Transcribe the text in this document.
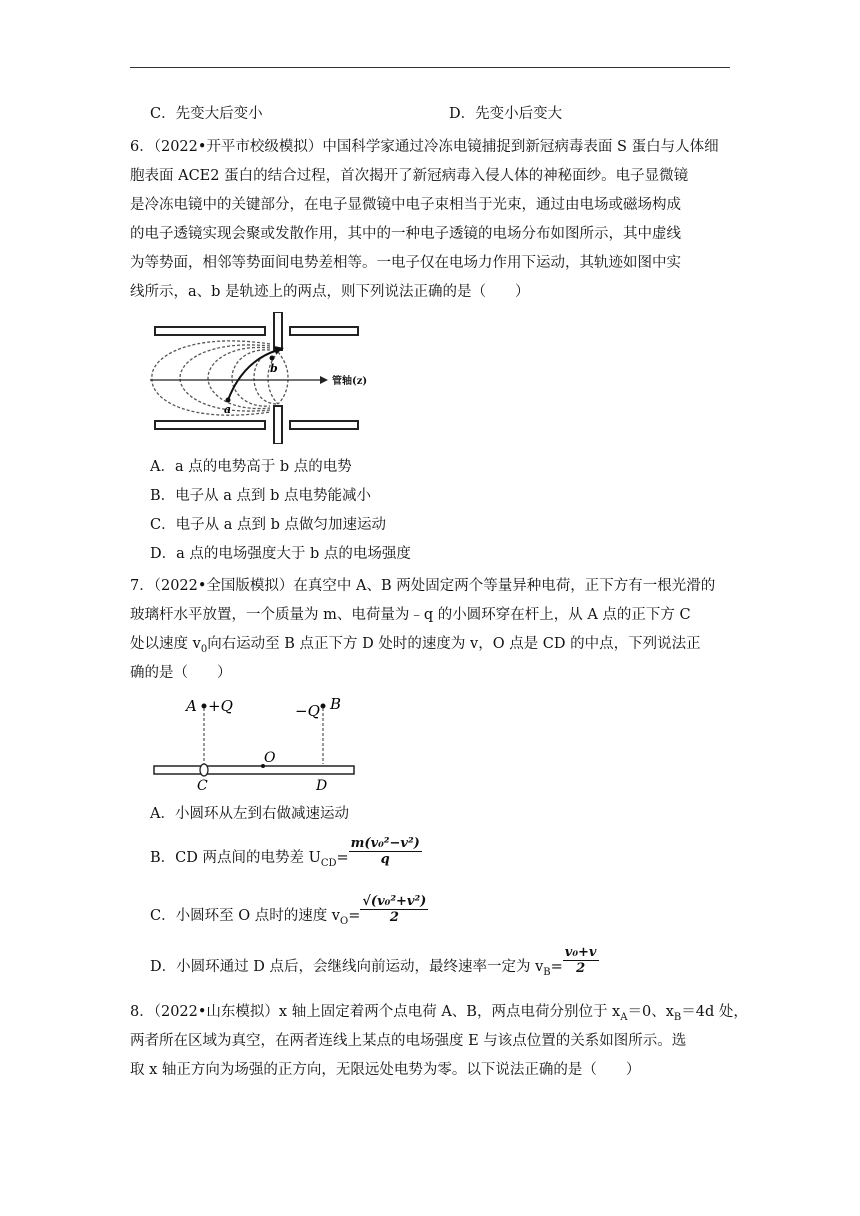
C．先变大后变小	D．先变小后变大
6．（2022•开平市校级模拟）中国科学家通过冷冻电镜捕捉到新冠病毒表面 S 蛋白与人体细
胞表面 ACE2 蛋白的结合过程，首次揭开了新冠病毒入侵人体的神秘面纱。电子显微镜
是冷冻电镜中的关键部分，在电子显微镜中电子束相当于光束，通过由电场或磁场构成
的电子透镜实现会聚或发散作用，其中的一种电子透镜的电场分布如图所示，其中虚线
为等势面，相邻等势面间电势差相等。一电子仅在电场力作用下运动，其轨迹如图中实
线所示，a、b 是轨迹上的两点，则下列说法正确的是（　　）
管轴(z)
b
a
A．a 点的电势高于 b 点的电势
B．电子从 a 点到 b 点电势能减小
C．电子从 a 点到 b 点做匀加速运动
D．a 点的电场强度大于 b 点的电场强度
7．（2022•全国版模拟）在真空中 A、B 两处固定两个等量异种电荷，正下方有一根光滑的
玻璃杆水平放置，一个质量为 m、电荷量为﹣q 的小圆环穿在杆上，从 A 点的正下方 C
处以速度 $v_0$向右运动至 B 点正下方 D 处时的速度为 v，O 点是 CD 的中点，下列说法正
确的是（　　）
A +Q	−Q B
O
C	D
A．小圆环从左到右做减速运动
B．CD 两点间的电势差 $U_{CD}= \frac{\text{m(v₀²−v²)}}{q}$
C．小圆环至 O 点时的速度 $v_O= \frac{\text{√(v₀²+v²)}}{2}$
D．小圆环通过 D 点后，会继线向前运动，最终速率一定为 $v_B= \frac{\text{v₀+v}}{2}$
8．（2022•山东模拟）x 轴上固定着两个点电荷 A、B，两点电荷分别位于 $x_A=0$、$x_B=4d$ 处，
两者所在区域为真空，在两者连线上某点的电场强度 E 与该点位置的关系如图所示。选
取 x 轴正方向为场强的正方向，无限远处电势为零。以下说法正确的是（　　）
